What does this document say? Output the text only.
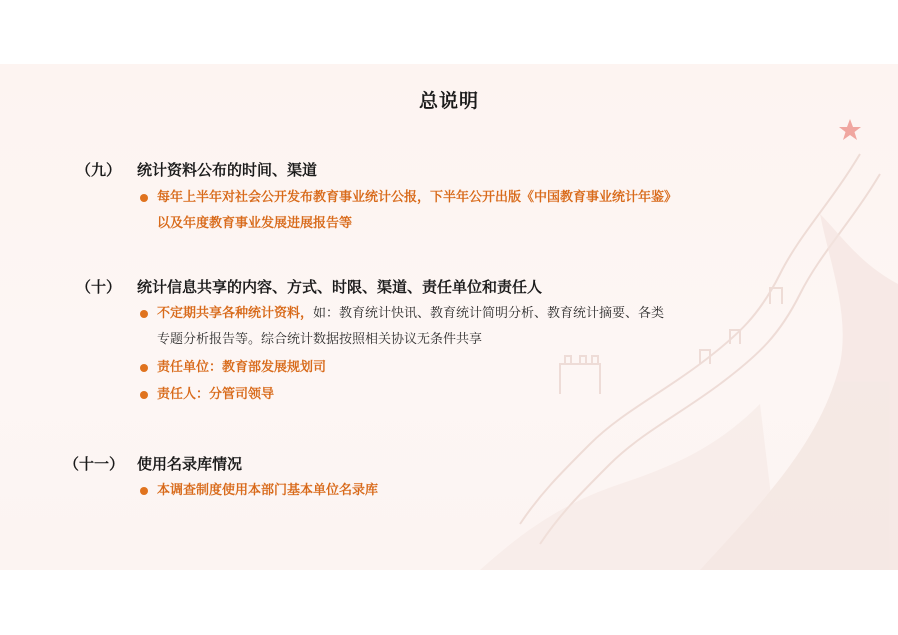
总说明
（九） 统计资料公布的时间、渠道
每年上半年对社会公开发布教育事业统计公报，下半年公开出版《中国教育事业统计年鉴》
以及年度教育事业发展进展报告等
（十） 统计信息共享的内容、方式、时限、渠道、责任单位和责任人
不定期共享各种统计资料，如：教育统计快讯、教育统计简明分析、教育统计摘要、各类
专题分析报告等。综合统计数据按照相关协议无条件共享
责任单位：教育部发展规划司
责任人：分管司领导
（十一） 使用名录库情况
本调查制度使用本部门基本单位名录库
